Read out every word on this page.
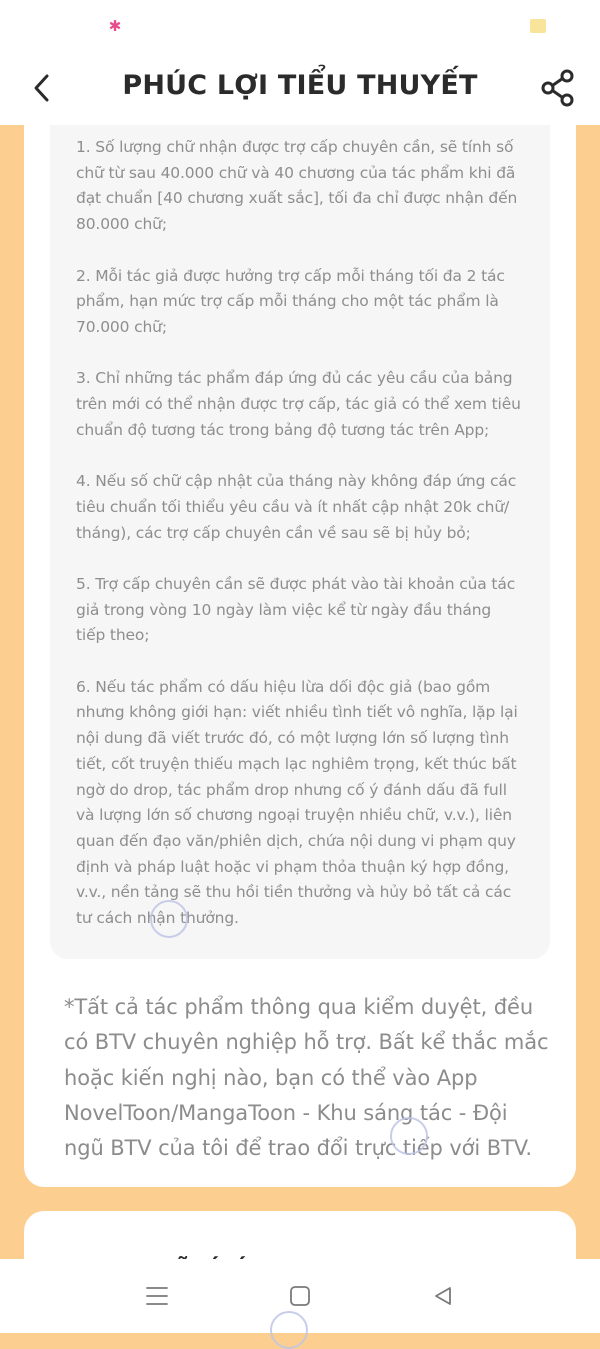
✱
PHÚC LỢI TIỂU THUYẾT

1. Số lượng chữ nhận được trợ cấp chuyên cần, sẽ tính số chữ từ sau 40.000 chữ và 40 chương của tác phẩm khi đã đạt chuẩn [40 chương xuất sắc], tối đa chỉ được nhận đến 80.000 chữ;

2. Mỗi tác giả được hưởng trợ cấp mỗi tháng tối đa 2 tác phẩm, hạn mức trợ cấp mỗi tháng cho một tác phẩm là 70.000 chữ;

3. Chỉ những tác phẩm đáp ứng đủ các yêu cầu của bảng trên mới có thể nhận được trợ cấp, tác giả có thể xem tiêu chuẩn độ tương tác trong bảng độ tương tác trên App;

4. Nếu số chữ cập nhật của tháng này không đáp ứng các tiêu chuẩn tối thiểu yêu cầu và ít nhất cập nhật 20k chữ/ tháng), các trợ cấp chuyên cần về sau sẽ bị hủy bỏ;

5. Trợ cấp chuyên cần sẽ được phát vào tài khoản của tác giả trong vòng 10 ngày làm việc kể từ ngày đầu tháng tiếp theo;

6. Nếu tác phẩm có dấu hiệu lừa dối độc giả (bao gồm nhưng không giới hạn: viết nhiều tình tiết vô nghĩa, lặp lại nội dung đã viết trước đó, có một lượng lớn số lượng tình tiết, cốt truyện thiếu mạch lạc nghiêm trọng, kết thúc bất ngờ do drop, tác phẩm drop nhưng cố ý đánh dấu đã full và lượng lớn số chương ngoại truyện nhiều chữ, v.v.), liên quan đến đạo văn/phiên dịch, chứa nội dung vi phạm quy định và pháp luật hoặc vi phạm thỏa thuận ký hợp đồng, v.v., nền tảng sẽ thu hồi tiền thưởng và hủy bỏ tất cả các tư cách nhận thưởng.

*Tất cả tác phẩm thông qua kiểm duyệt, đều có BTV chuyên nghiệp hỗ trợ. Bất kể thắc mắc hoặc kiến nghị nào, bạn có thể vào App NovelToon/MangaToon - Khu sáng tác - Đội ngũ BTV của tôi để trao đổi trực tiếp với BTV.
